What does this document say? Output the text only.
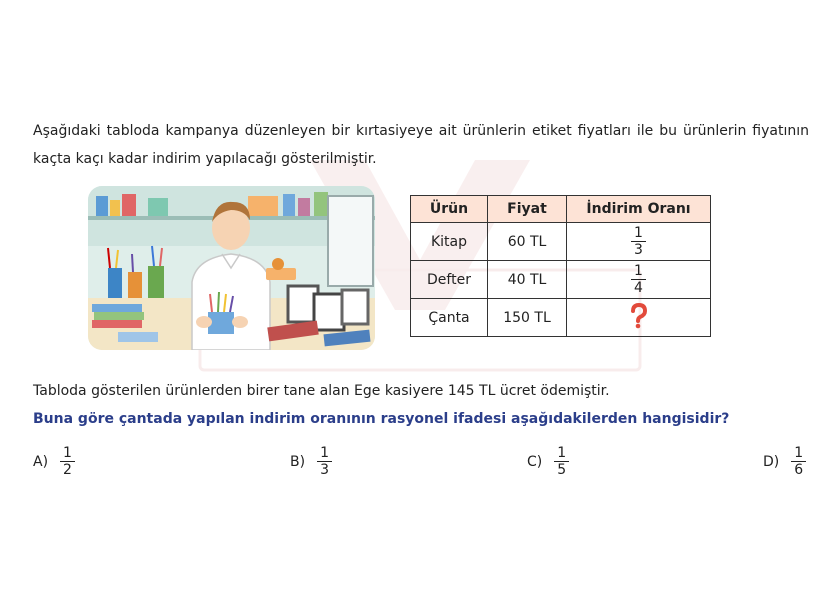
Aşağıdaki tabloda kampanya düzenleyen bir kırtasiyeye ait ürünlerin etiket fiyatları ile bu ürünlerin fiyatının kaçta kaçı kadar indirim yapılacağı gösterilmiştir.
Ürün	Fiyat	İndirim Oranı
Kitap	60 TL	$\frac{1}{3}$

Defter	40 TL	$\frac{1}{4}$

Çanta	150 TL	
Tabloda gösterilen ürünlerden birer tane alan Ege kasiyere 145 TL ücret ödemiştir.
Buna göre çantada yapılan indirim oranının rasyonel ifadesi aşağıdakilerden hangisidir?
$A) \frac{1}{2}$	$B) \frac{1}{3}$	$C) \frac{1}{5}$	$D) \frac{1}{6}$
